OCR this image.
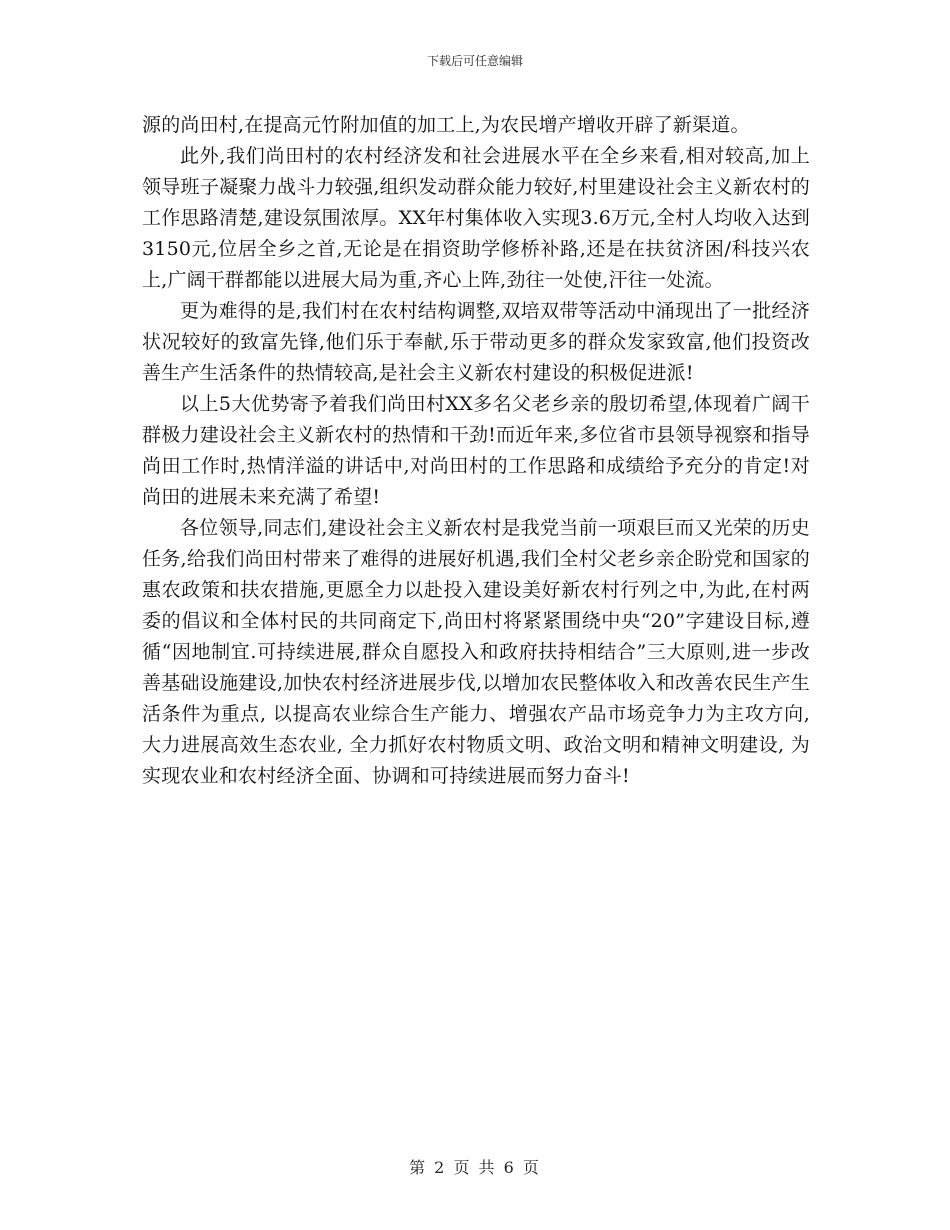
下载后可任意编辑

源的尚田村,在提高元竹附加值的加工上,为农民增产增收开辟了新渠道。

此外,我们尚田村的农村经济发和社会进展水平在全乡来看,相对较高,加上领导班子凝聚力战斗力较强,组织发动群众能力较好,村里建设社会主义新农村的工作思路清楚,建设氛围浓厚。XX年村集体收入实现3.6万元,全村人均收入达到3150元,位居全乡之首,无论是在捐资助学修桥补路,还是在扶贫济困/科技兴农上,广阔干群都能以进展大局为重,齐心上阵,劲往一处使,汗往一处流。

更为难得的是,我们村在农村结构调整,双培双带等活动中涌现出了一批经济状况较好的致富先锋,他们乐于奉献,乐于带动更多的群众发家致富,他们投资改善生产生活条件的热情较高,是社会主义新农村建设的积极促进派!

以上5大优势寄予着我们尚田村XX多名父老乡亲的殷切希望,体现着广阔干群极力建设社会主义新农村的热情和干劲!而近年来,多位省市县领导视察和指导尚田工作时,热情洋溢的讲话中,对尚田村的工作思路和成绩给予充分的肯定!对尚田的进展未来充满了希望!

各位领导,同志们,建设社会主义新农村是我党当前一项艰巨而又光荣的历史任务,给我们尚田村带来了难得的进展好机遇,我们全村父老乡亲企盼党和国家的惠农政策和扶农措施,更愿全力以赴投入建设美好新农村行列之中,为此,在村两委的倡议和全体村民的共同商定下,尚田村将紧紧围绕中央“20”字建设目标,遵循“因地制宜.可持续进展,群众自愿投入和政府扶持相结合”三大原则,进一步改善基础设施建设,加快农村经济进展步伐,以增加农民整体收入和改善农民生产生活条件为重点, 以提高农业综合生产能力、增强农产品市场竞争力为主攻方向,大力进展高效生态农业, 全力抓好农村物质文明、政治文明和精神文明建设, 为实现农业和农村经济全面、协调和可持续进展而努力奋斗!

第 2 页 共 6 页
